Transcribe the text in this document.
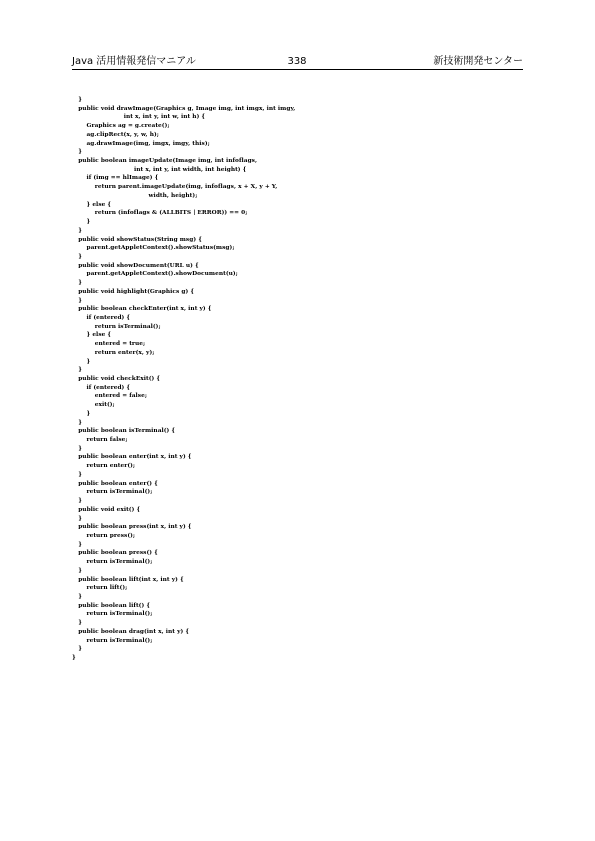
Java 活用情報発信マニアル	338	新技術開発センター
}
public void drawImage(Graphics g, Image img, int imgx, int imgy,
int x, int y, int w, int h) {
Graphics ag = g.create();
ag.clipRect(x, y, w, h);
ag.drawImage(img, imgx, imgy, this);
}
public boolean imageUpdate(Image img, int infoflags,
int x, int y, int width, int height) {
if (img == hlImage) {
return parent.imageUpdate(img, infoflags, x + X, y + Y,
width, height);
} else {
return (infoflags & (ALLBITS | ERROR)) == 0;
}
}
public void showStatus(String msg) {
parent.getAppletContext().showStatus(msg);
}
public void showDocument(URL u) {
parent.getAppletContext().showDocument(u);
}
public void highlight(Graphics g) {
}
public boolean checkEnter(int x, int y) {
if (entered) {
return isTerminal();
} else {
entered = true;
return enter(x, y);
}
}
public void checkExit() {
if (entered) {
entered = false;
exit();
}
}
public boolean isTerminal() {
return false;
}
public boolean enter(int x, int y) {
return enter();
}
public boolean enter() {
return isTerminal();
}
public void exit() {
}
public boolean press(int x, int y) {
return press();
}
public boolean press() {
return isTerminal();
}
public boolean lift(int x, int y) {
return lift();
}
public boolean lift() {
return isTerminal();
}
public boolean drag(int x, int y) {
return isTerminal();
}
}
